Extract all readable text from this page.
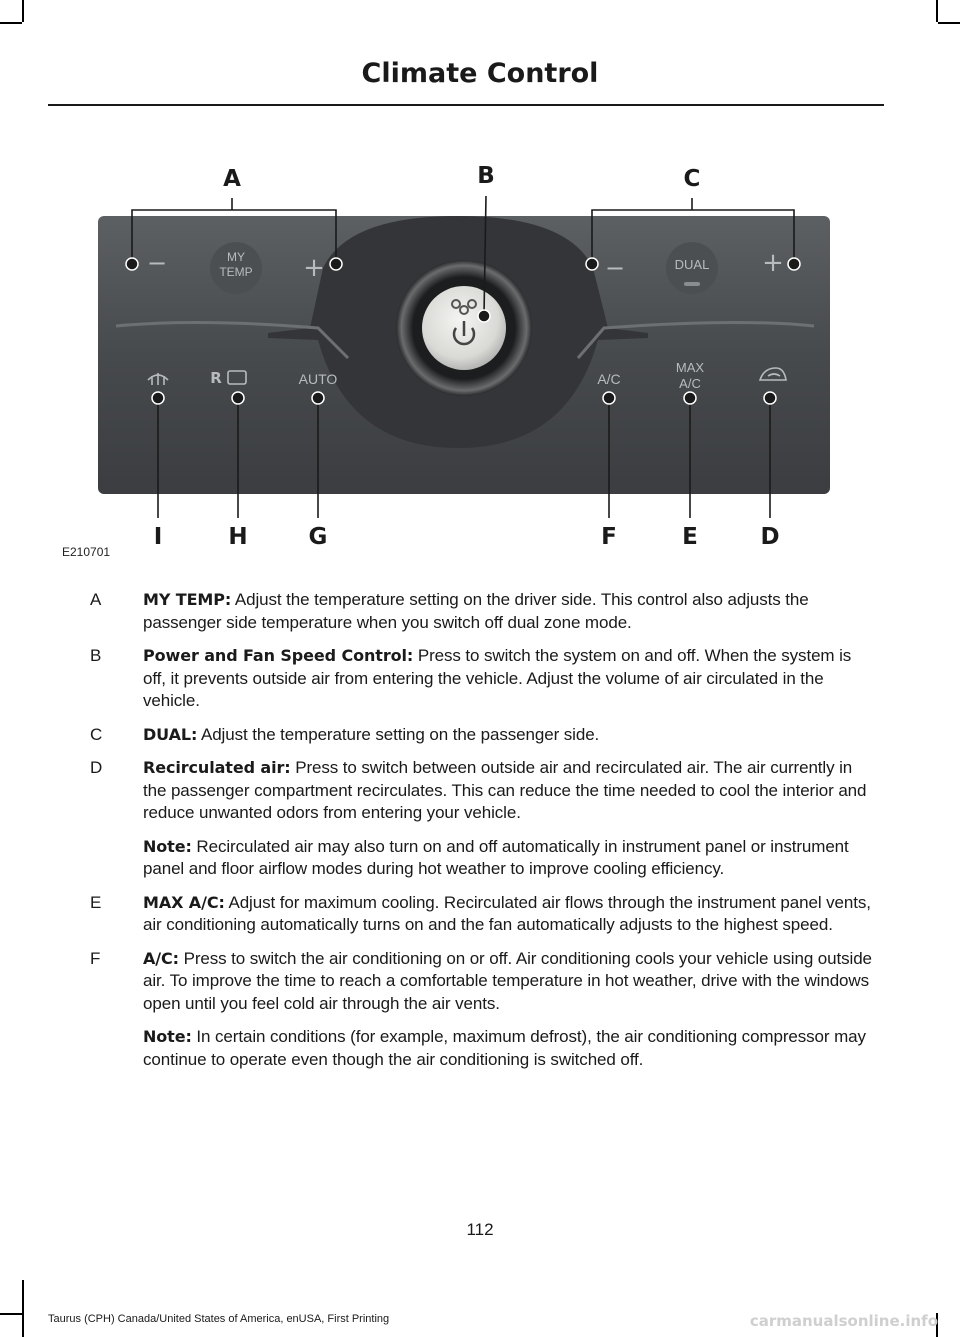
Climate Control
MY
TEMP
−	+	DUAL
−	+
R	AUTO	A/C
MAX
A/C
A	B	C
I	H	G	F	E	D
E210701
A	MY TEMP: Adjust the temperature setting on the driver side. This control also adjusts the passenger side temperature when you switch off dual zone mode.

B	Power and Fan Speed Control: Press to switch the system on and off. When the system is off, it prevents outside air from entering the vehicle. Adjust the volume of air circulated in the vehicle.

C	DUAL: Adjust the temperature setting on the passenger side.

D	Recirculated air: Press to switch between outside air and recirculated air. The air currently in the passenger compartment recirculates. This can reduce the time needed to cool the interior and reduce unwanted odors from entering your vehicle.

Note: Recirculated air may also turn on and off automatically in instrument panel or instrument panel and floor airflow modes during hot weather to improve cooling efficiency.

E	MAX A/C: Adjust for maximum cooling. Recirculated air flows through the instrument panel vents, air conditioning automatically turns on and the fan automatically adjusts to the highest speed.

F	A/C: Press to switch the air conditioning on or off. Air conditioning cools your vehicle using outside air. To improve the time to reach a comfortable temperature in hot weather, drive with the windows open until you feel cold air through the air vents.

Note: In certain conditions (for example, maximum defrost), the air conditioning compressor may continue to operate even though the air conditioning is switched off.

112
Taurus (CPH) Canada/United States of America, enUSA, First Printing	carmanualsonline.info
